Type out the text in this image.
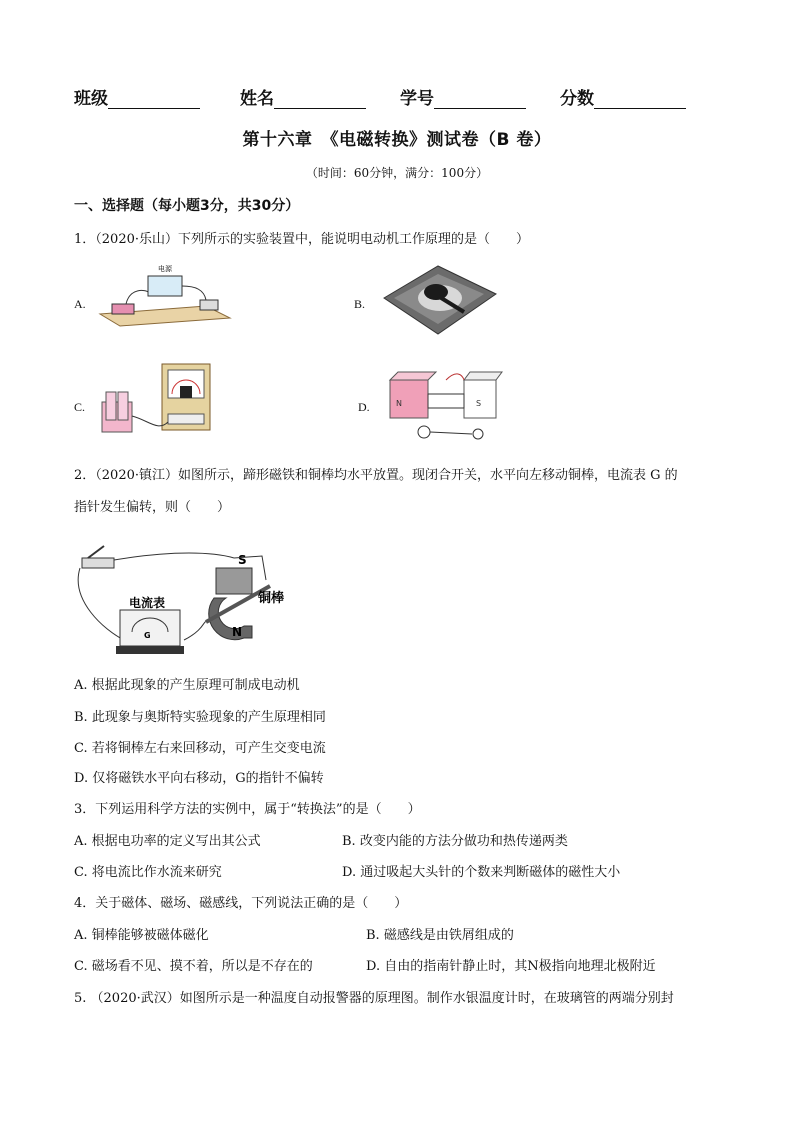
班级	姓名	学号	分数
第十六章　《电磁转换》测试卷（B 卷）
（时间：60分钟，满分：100分）
一、选择题（每小题3分，共30分）
1．（2020·乐山）下列所示的实验装置中，能说明电动机工作原理的是（　　）
A.
电源
B.
C.	D.	N	S
2．（2020·镇江）如图所示，蹄形磁铁和铜棒均水平放置。现闭合开关，水平向左移动铜棒，电流表 G 的
指针发生偏转，则（　　）
G
电流表
S
N
铜棒
A. 根据此现象的产生原理可制成电动机
B. 此现象与奥斯特实验现象的产生原理相同
C. 若将铜棒左右来回移动，可产生交变电流
D. 仅将磁铁水平向右移动，G的指针不偏转
3．下列运用科学方法的实例中，属于“转换法”的是（　　）
A. 根据电功率的定义写出其公式	B. 改变内能的方法分做功和热传递两类
C. 将电流比作水流来研究	D. 通过吸起大头针的个数来判断磁体的磁性大小
4．关于磁体、磁场、磁感线，下列说法正确的是（　　）
A. 铜棒能够被磁体磁化	B. 磁感线是由铁屑组成的
C. 磁场看不见、摸不着，所以是不存在的	D. 自由的指南针静止时，其N极指向地理北极附近
5. （2020·武汉）如图所示是一种温度自动报警器的原理图。制作水银温度计时，在玻璃管的两端分别封
